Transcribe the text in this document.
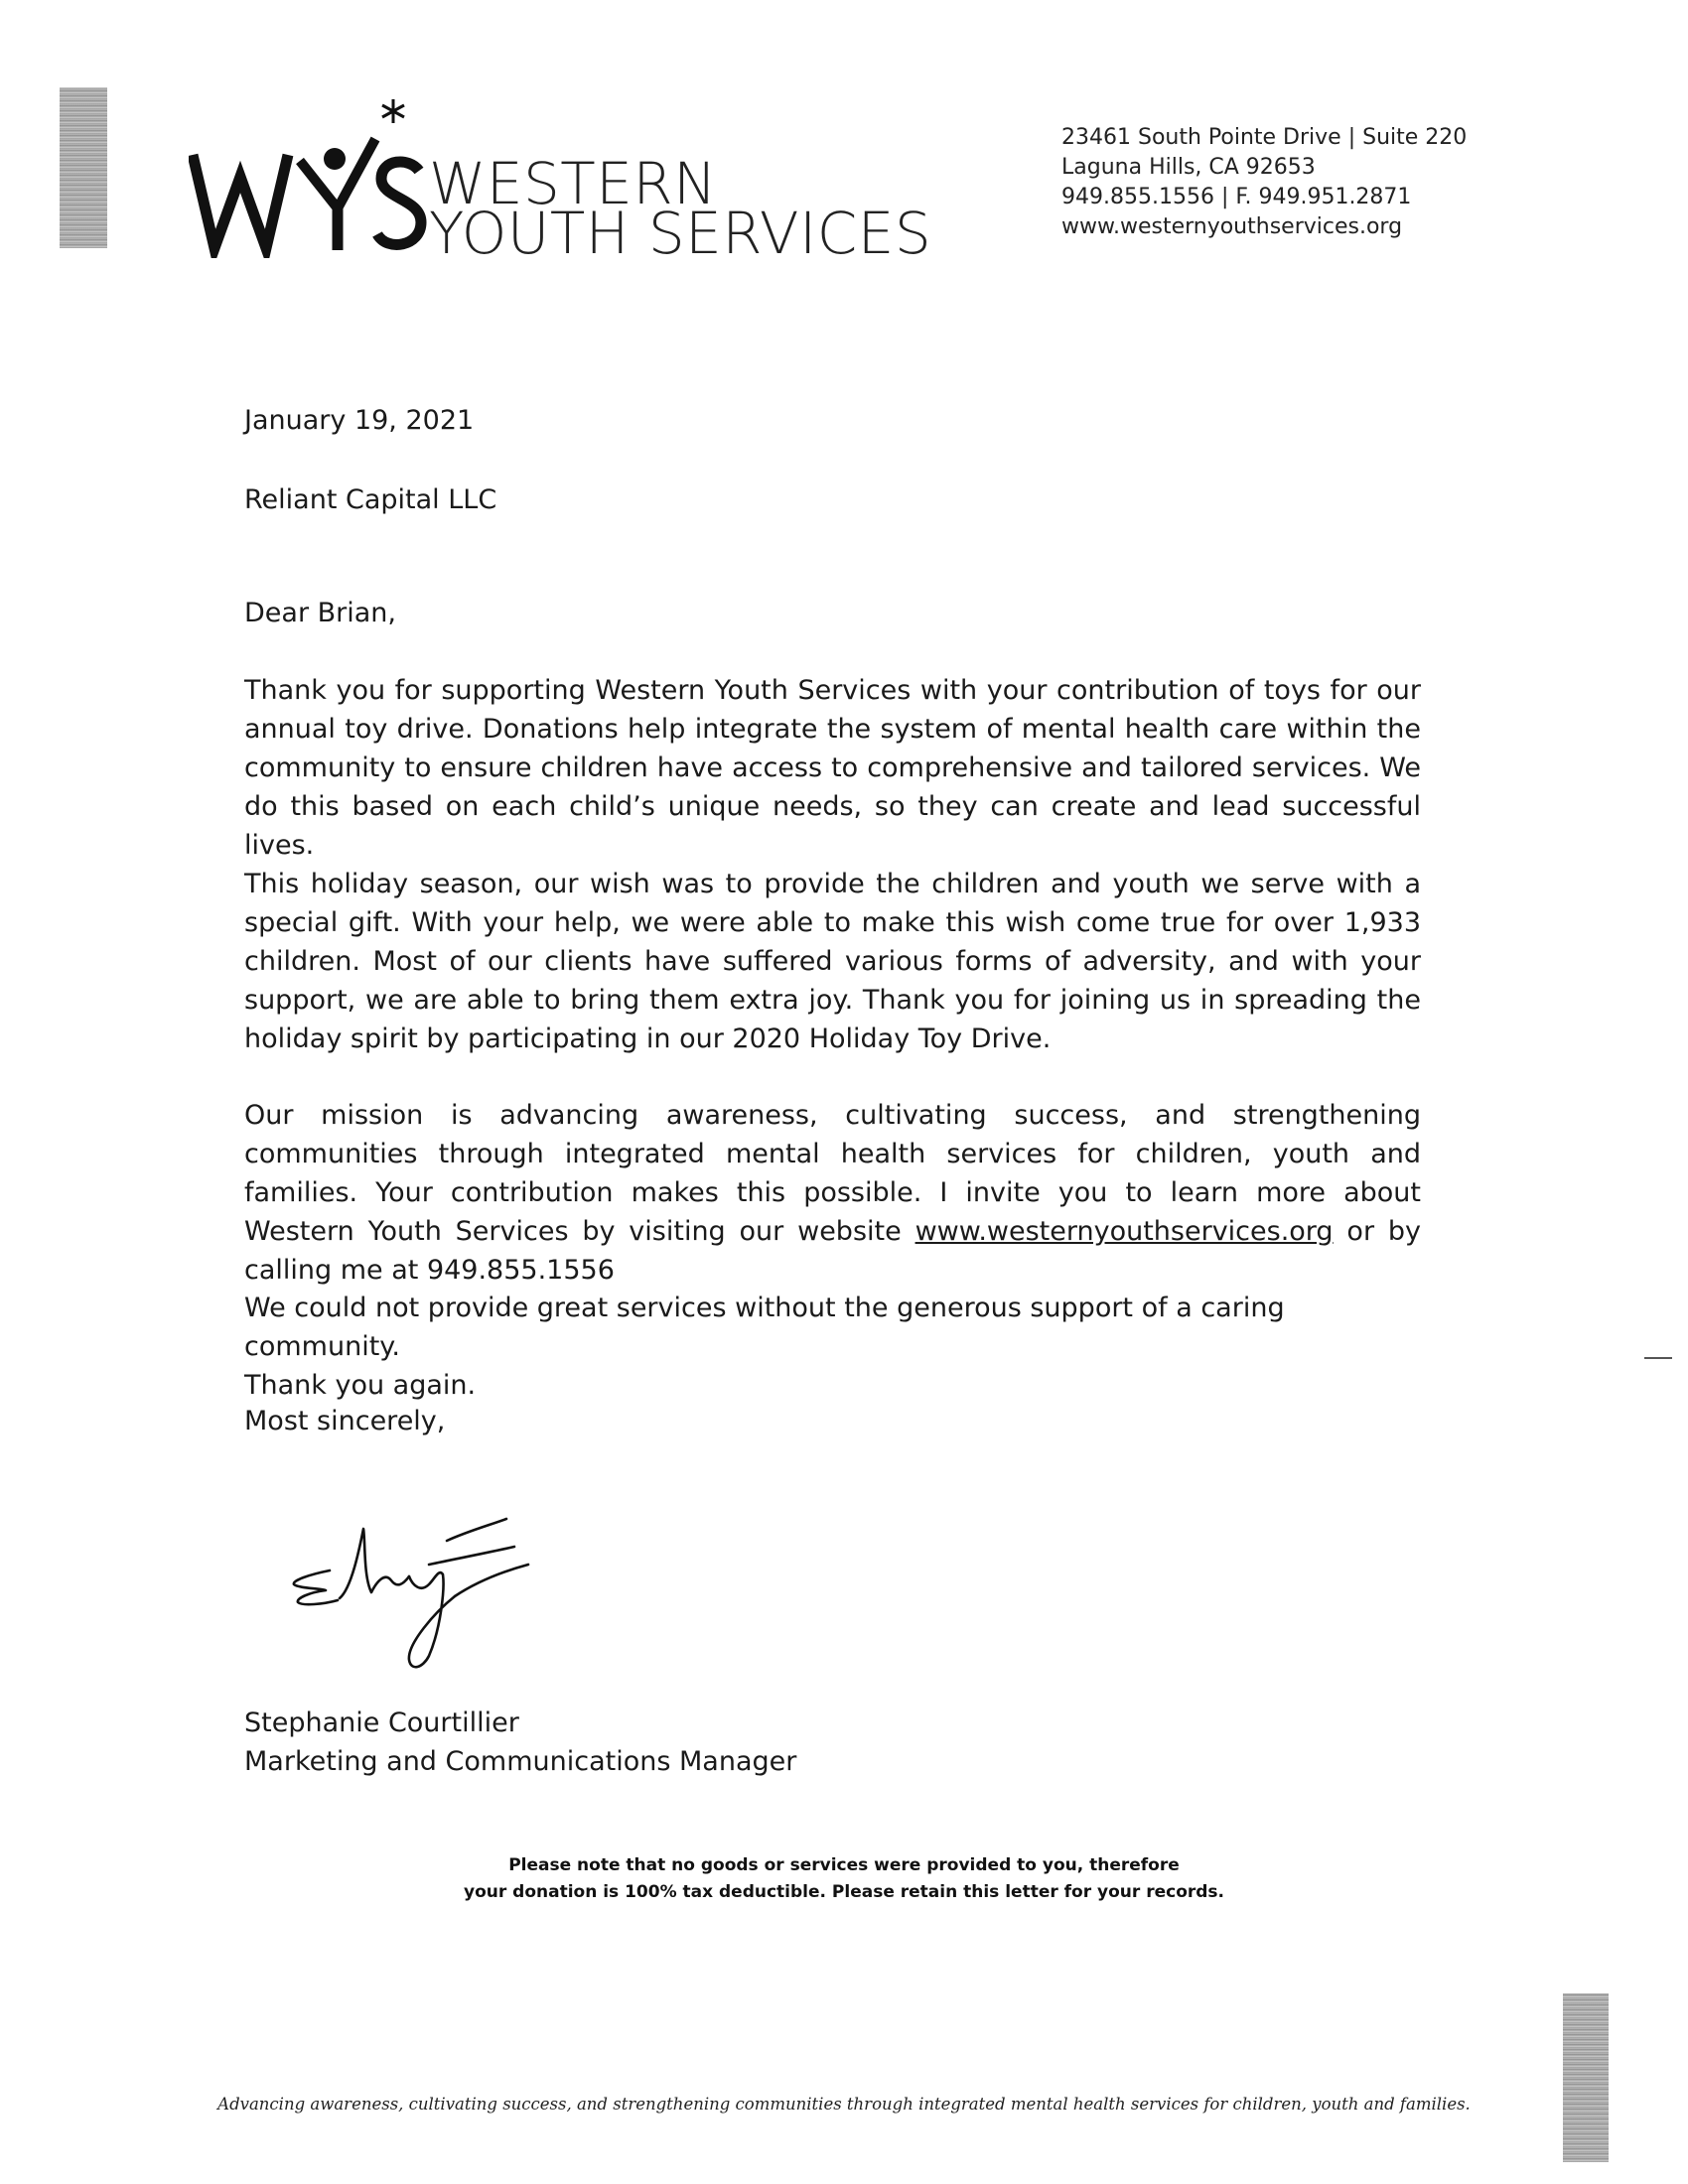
WESTERN
YOUTH SERVICES
23461 South Pointe Drive | Suite 220
Laguna Hills, CA 92653
949.855.1556 | F. 949.951.2871
www.westernyouthservices.org
January 19, 2021
Reliant Capital LLC
Dear Brian,
Thank you for supporting Western Youth Services with your contribution of toys for our annual toy drive. Donations help integrate the system of mental health care within the community to ensure children have access to comprehensive and tailored services. We do this based on each child’s unique needs, so they can create and lead successful lives.
This holiday season, our wish was to provide the children and youth we serve with a special gift. With your help, we were able to make this wish come true for over 1,933 children. Most of our clients have suffered various forms of adversity, and with your support, we are able to bring them extra joy. Thank you for joining us in spreading the holiday spirit by participating in our 2020 Holiday Toy Drive.
Our mission is advancing awareness, cultivating success, and strengthening communities through integrated mental health services for children, youth and families. Your contribution makes this possible. I invite you to learn more about Western Youth Services by visiting our website www.westernyouthservices.org or by calling me at 949.855.1556
We could not provide great services without the generous support of a caring community.
Thank you again.
Most sincerely,
Stephanie Courtillier
Marketing and Communications Manager
Please note that no goods or services were provided to you, therefore
your donation is 100% tax deductible. Please retain this letter for your records.
Advancing awareness, cultivating success, and strengthening communities through integrated mental health services for children, youth and families.
